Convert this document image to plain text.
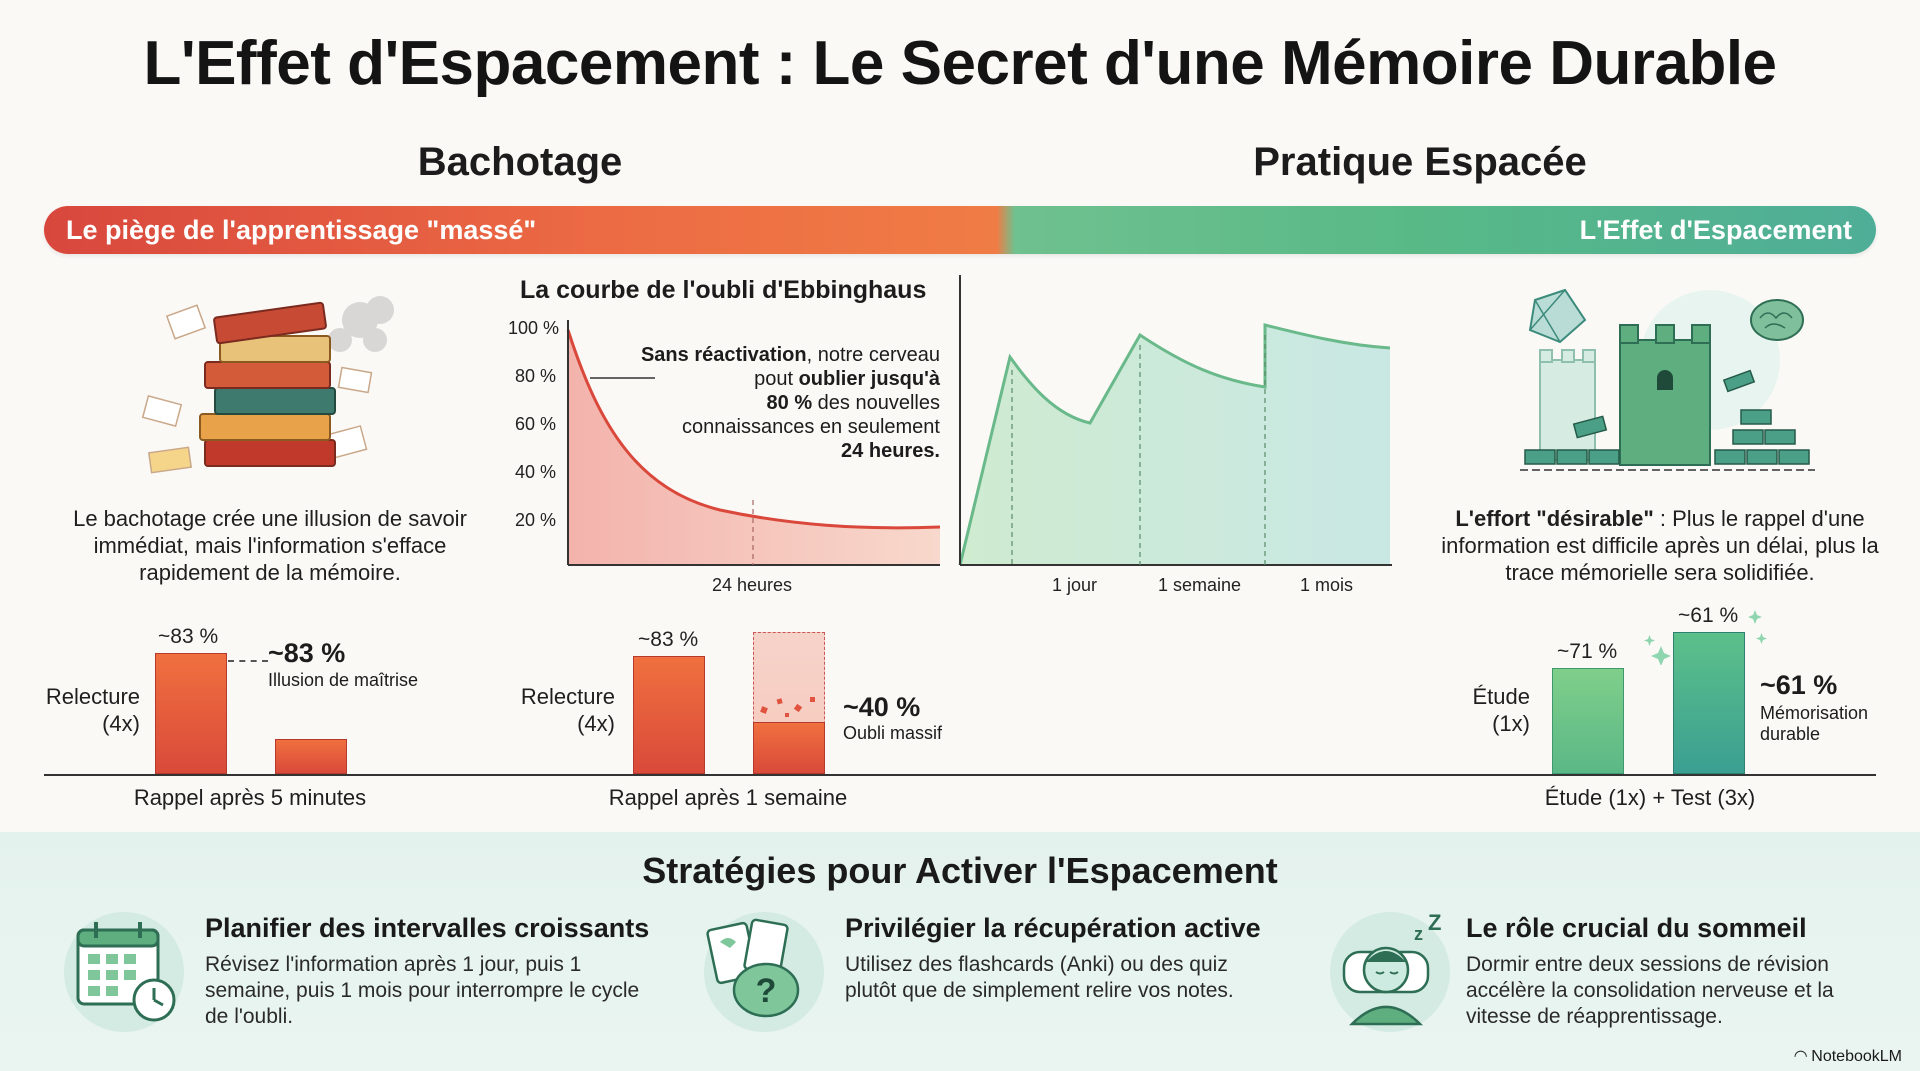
L'Effet d'Espacement : Le Secret d'une Mémoire Durable
Bachotage	Pratique Espacée
Le piège de l'apprentissage "massé"	L'Effet d'Espacement
Le bachotage crée une illusion de savoir immédiat, mais l'information s'efface rapidement de la mémoire.
La courbe de l'oubli d'Ebbinghaus
100 %
80 %
60 %
40 %
20 %
Sans réactivation, notre cerveau pout oublier jusqu'à
80 % des nouvelles connaissances en seulement
24 heures.
24 heures	1 jour	1 semaine	1 mois
L'effort "désirable" : Plus le rappel d'une information est difficile après un délai, plus la trace mémorielle sera solidifiée.
Relecture
(4x)
~83 %
~83 %
Illusion de maîtrise
Rappel après 5 minutes
Relecture
(4x)
~83 %
~40 %
Oubli massif
Rappel après 1 semaine
Étude
(1x)
~71 %
~61 %
~61 %
Mémorisation
durable
Étude (1x) + Test (3x)
Stratégies pour Activer l'Espacement
Planifier des intervalles croissants
Révisez l'information après 1 jour, puis 1 semaine, puis 1 mois pour interrompre le cycle de l'oubli.
?
Privilégier la récupération active
Utilisez des flashcards (Anki) ou des quiz plutôt que de simplement relire vos notes.
z Z Le rôle crucial du sommeil
Dormir entre deux sessions de révision accélère la consolidation nerveuse et la vitesse de réapprentissage.
◠ NotebookLM
